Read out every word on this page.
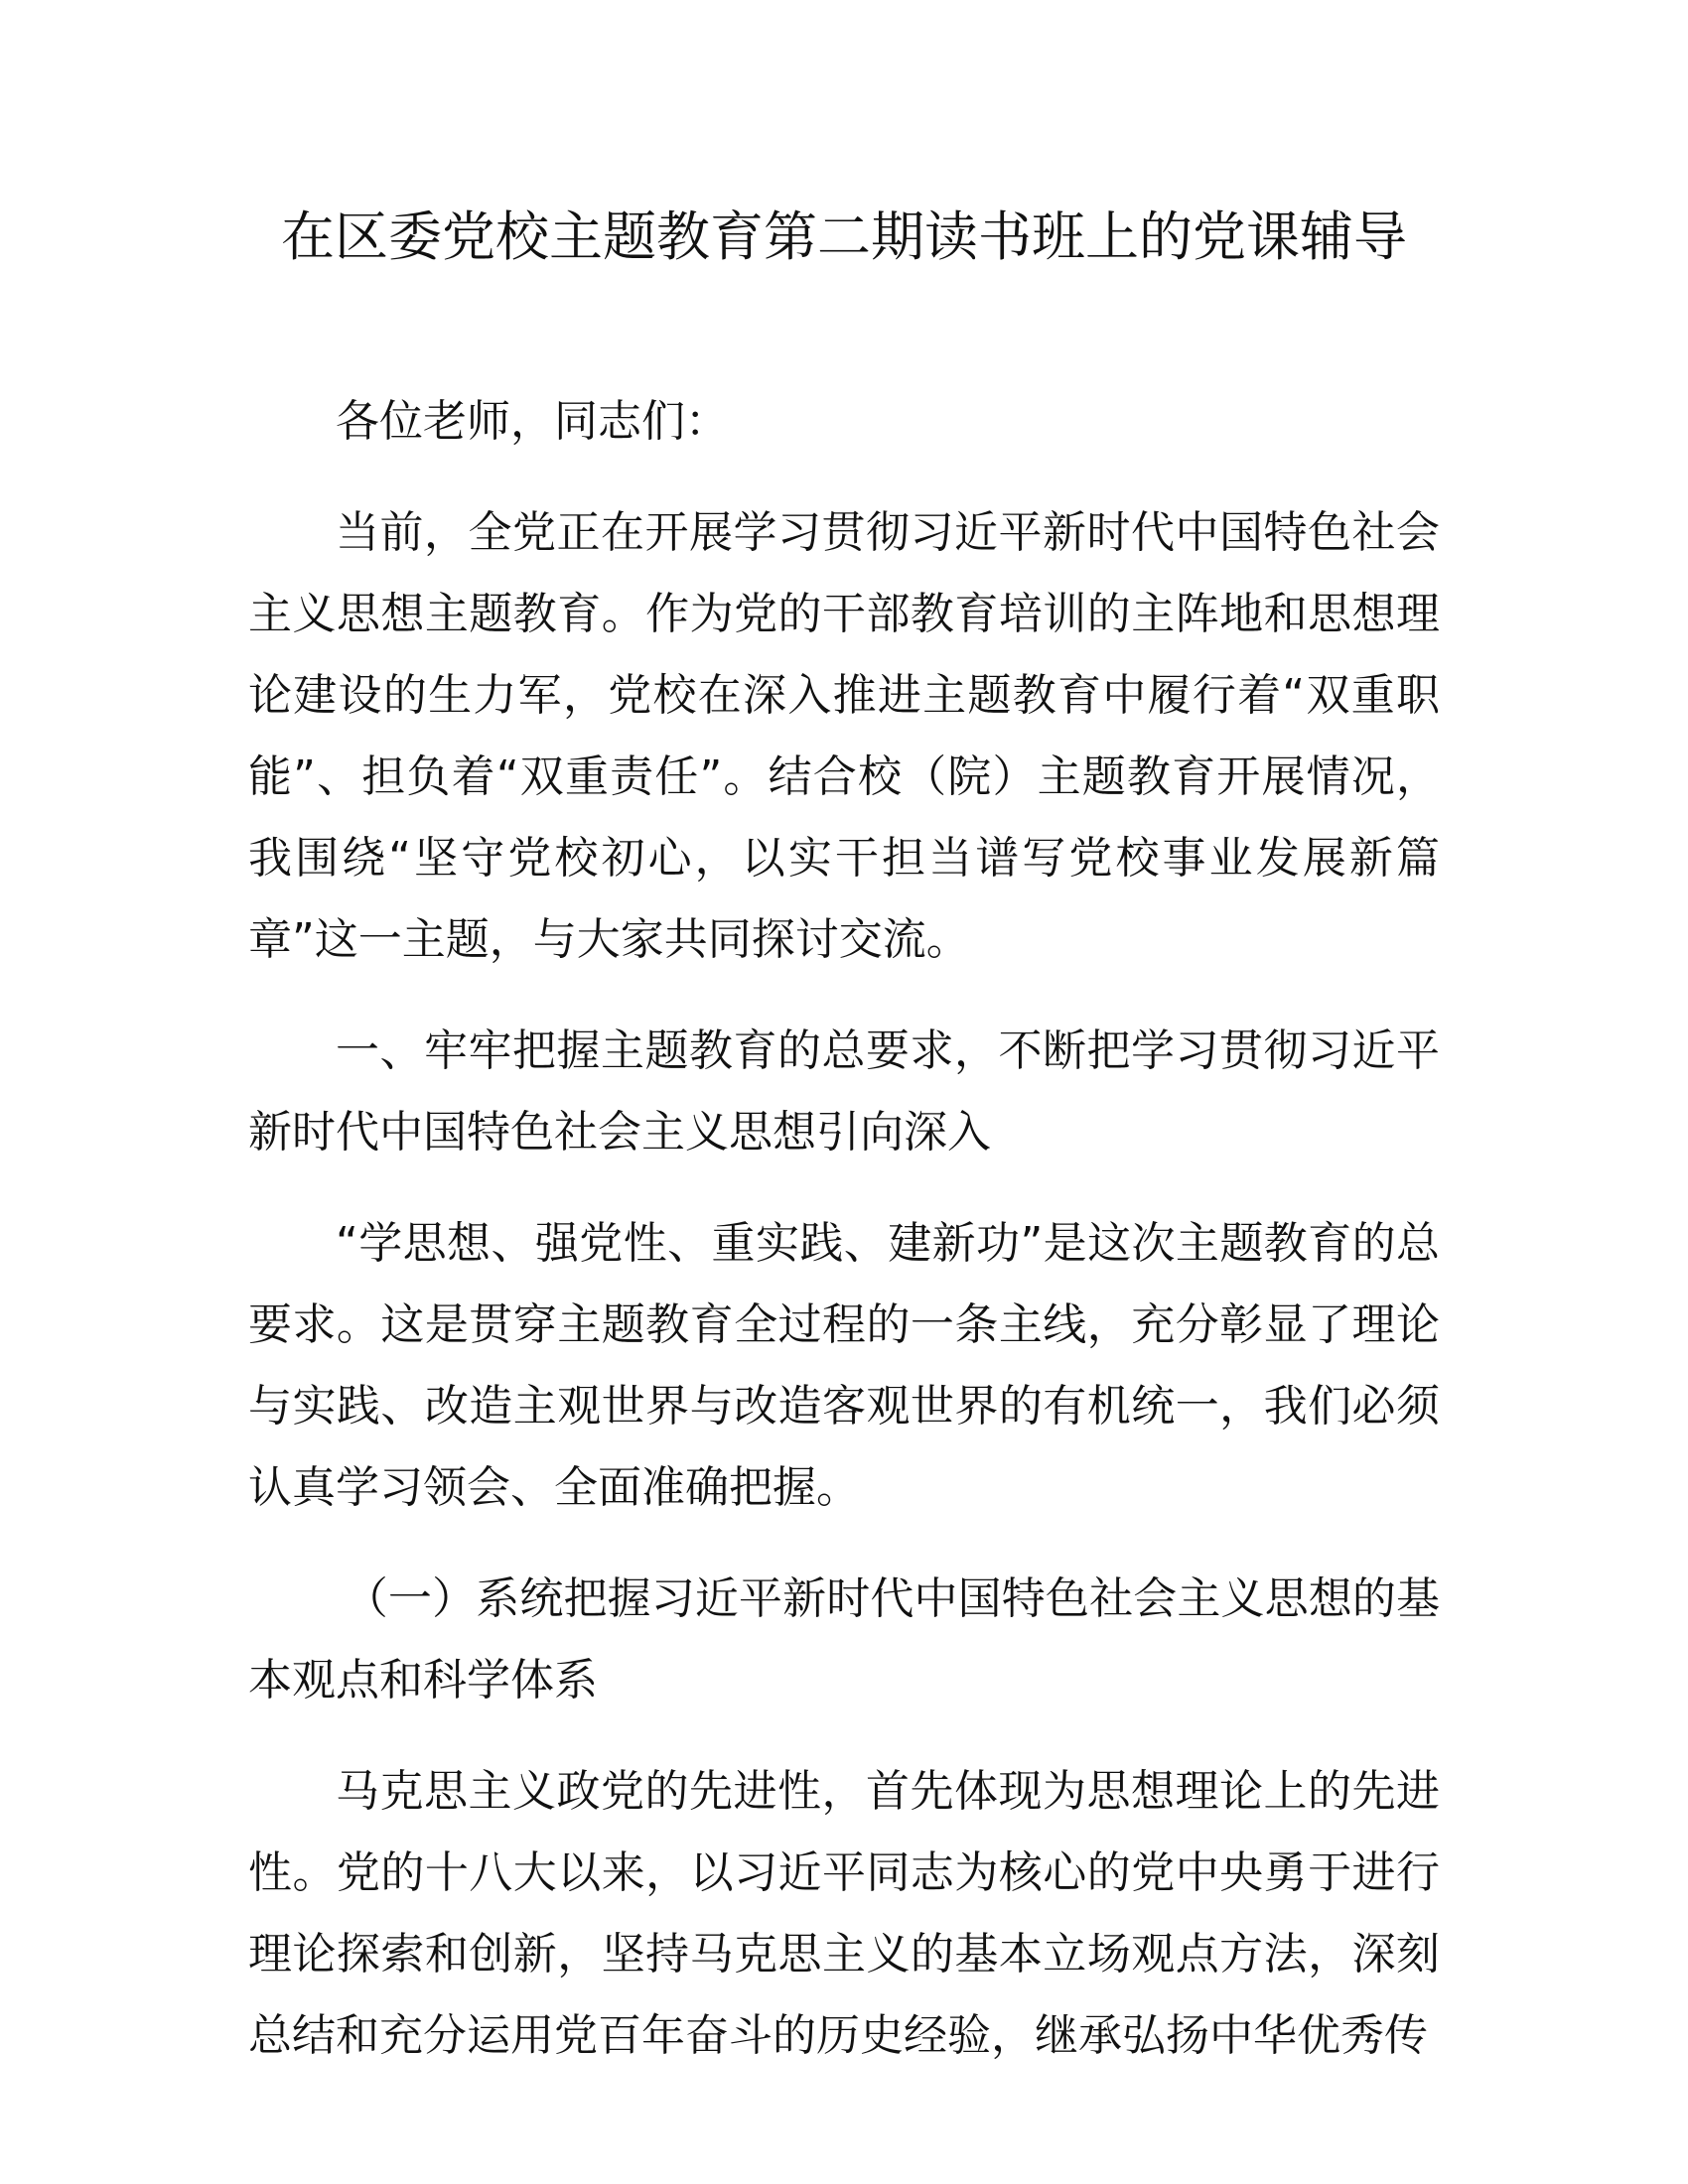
在区委党校主题教育第二期读书班上的党课辅导

各位老师，同志们：

当前，全党正在开展学习贯彻习近平新时代中国特色社会主义思想主题教育。作为党的干部教育培训的主阵地和思想理论建设的生力军，党校在深入推进主题教育中履行着“双重职能”、担负着“双重责任”。结合校（院）主题教育开展情况，我围绕“坚守党校初心，以实干担当谱写党校事业发展新篇章”这一主题，与大家共同探讨交流。

一、牢牢把握主题教育的总要求，不断把学习贯彻习近平新时代中国特色社会主义思想引向深入

“学思想、强党性、重实践、建新功”是这次主题教育的总要求。这是贯穿主题教育全过程的一条主线，充分彰显了理论与实践、改造主观世界与改造客观世界的有机统一，我们必须认真学习领会、全面准确把握。

（一）系统把握习近平新时代中国特色社会主义思想的基本观点和科学体系

马克思主义政党的先进性，首先体现为思想理论上的先进性。党的十八大以来，以习近平同志为核心的党中央勇于进行理论探索和创新，坚持马克思主义的基本立场观点方法，深刻总结和充分运用党百年奋斗的历史经验，继承弘扬中华优秀传
